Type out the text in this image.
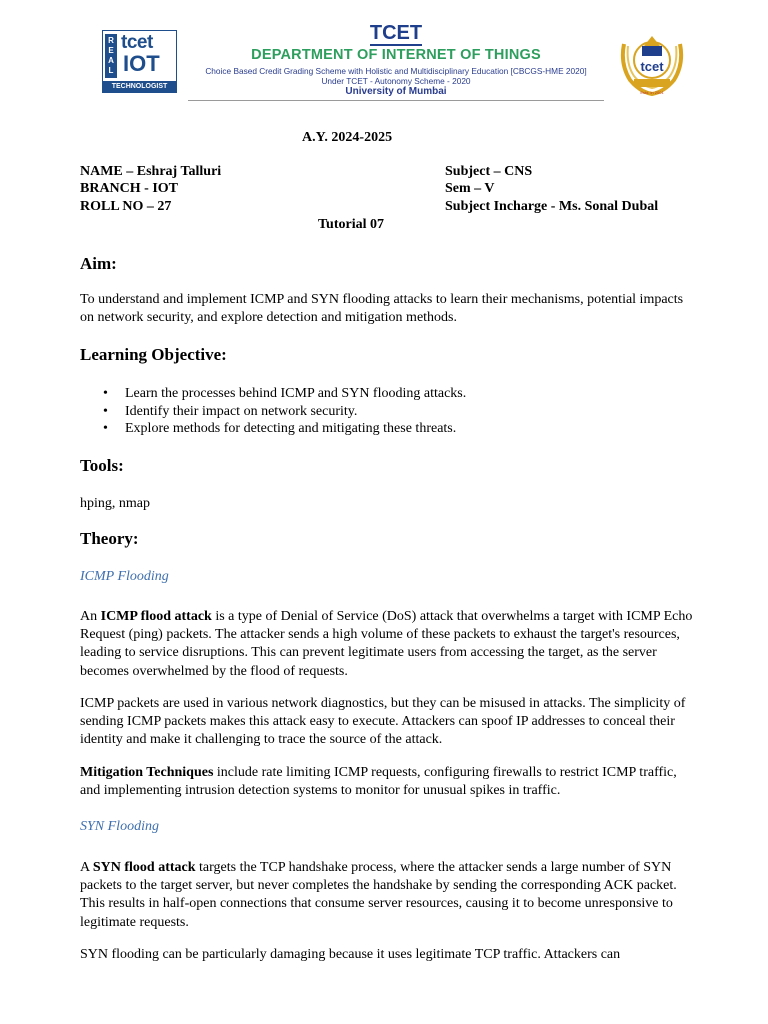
R
E
A
L
tcet
IOT
TECHNOLOGIST
TCET
DEPARTMENT OF INTERNET OF THINGS
Choice Based Credit Grading Scheme with Holistic and Multidisciplinary Education [CBCGS-HME 2020]
Under TCET - Autonomy Scheme - 2020
University of Mumbai
tcet
Estd. in 2001
A.Y. 2024-2025
NAME – Eshraj Talluri
BRANCH - IOT
ROLL NO – 27
Subject – CNS
Sem – V
Subject Incharge - Ms. Sonal Dubal
Tutorial 07
Aim:
To understand and implement ICMP and SYN flooding attacks to learn their mechanisms, potential impacts on network security, and explore detection and mitigation methods.
Learning Objective:
• Learn the processes behind ICMP and SYN flooding attacks.
• Identify their impact on network security.
• Explore methods for detecting and mitigating these threats.
Tools:
hping, nmap
Theory:
ICMP Flooding

An ICMP flood attack is a type of Denial of Service (DoS) attack that overwhelms a target with ICMP Echo Request (ping) packets. The attacker sends a high volume of these packets to exhaust the target's resources, leading to service disruptions. This can prevent legitimate users from accessing the target, as the server becomes overwhelmed by the flood of requests.

ICMP packets are used in various network diagnostics, but they can be misused in attacks. The simplicity of sending ICMP packets makes this attack easy to execute. Attackers can spoof IP addresses to conceal their identity and make it challenging to trace the source of the attack.

Mitigation Techniques include rate limiting ICMP requests, configuring firewalls to restrict ICMP traffic, and implementing intrusion detection systems to monitor for unusual spikes in traffic.

SYN Flooding

A SYN flood attack targets the TCP handshake process, where the attacker sends a large number of SYN packets to the target server, but never completes the handshake by sending the corresponding ACK packet. This results in half-open connections that consume server resources, causing it to become unresponsive to legitimate requests.

SYN flooding can be particularly damaging because it uses legitimate TCP traffic. Attackers can
